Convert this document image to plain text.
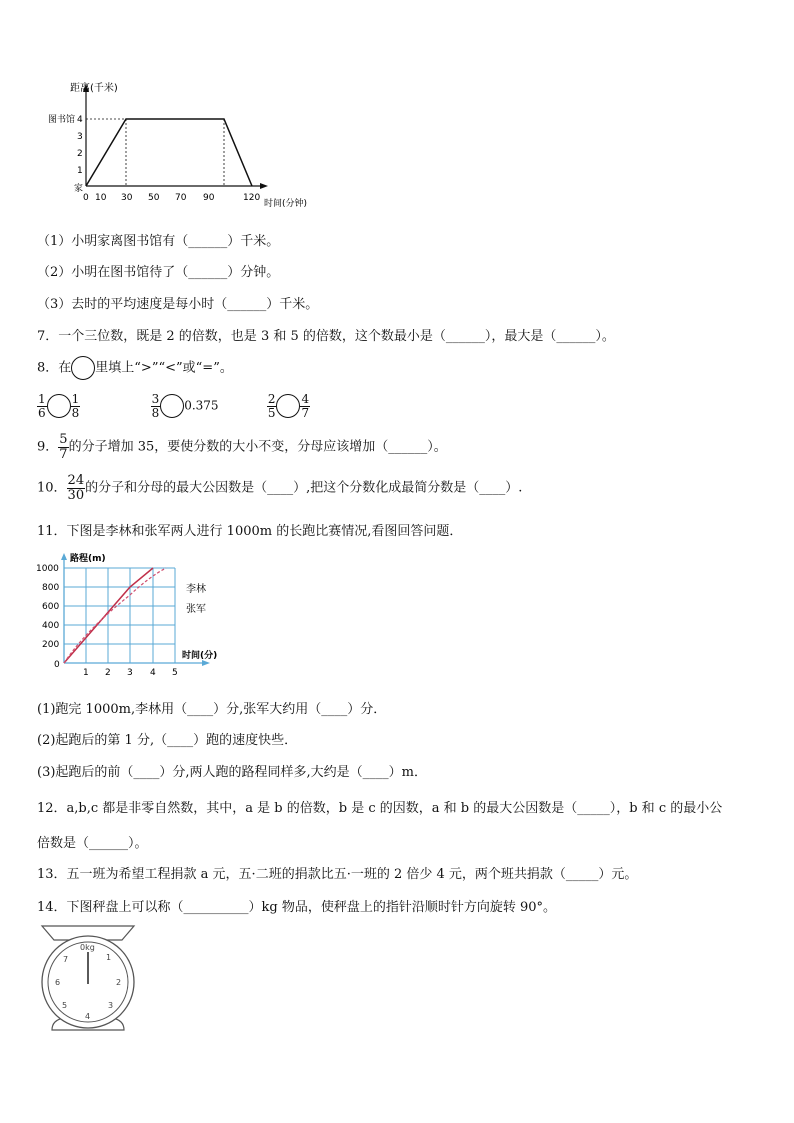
距离(千米)
时间(分钟)
图书馆
家
4
3
2
1
0 10 30 50 70 90	120
（1）小明家离图书馆有（______）千米。
（2）小明在图书馆待了（______）分钟。
（3）去时的平均速度是每小时（______）千米。
7．一个三位数，既是 2 的倍数，也是 3 和 5 的倍数，这个数最小是（______），最大是（______）。
8．在 里填上“>”“<”或“=”。
$\frac{1}{6} \frac{1}{8}$
	$\frac{3}{8} 0.375$	$\frac{2}{5} \frac{4}{7}$
9． $\frac{5}{7}$ 的分子增加 35，要使分数的大小不变，分母应该增加（______）。
10． $\frac{24}{30}$ 的分子和分母的最大公因数是（____）,把这个分数化成最简分数是（____）.
11．下图是李林和张军两人进行 1000m 的长跑比赛情况,看图回答问题．
路程(m)
时间(分)
1000
800
600
400
200
0
1 2 3 4 5
李林
张军
(1)跑完 1000m,李林用（____）分,张军大约用（____）分．
(2)起跑后的第 1 分,（____）跑的速度快些．
(3)起跑后的前（____）分,两人跑的路程同样多,大约是（____）m．
12．a,b,c 都是非零自然数，其中，a 是 b 的倍数，b 是 c 的因数，a 和 b 的最大公因数是（_____），b 和 c 的最小公
倍数是（______）。
13．五一班为希望工程捐款 a 元，五·二班的捐款比五·一班的 2 倍少 4 元，两个班共捐款（_____）元。
14．下图秤盘上可以称（__________）kg 物品，使秤盘上的指针沿顺时针方向旋转 90°。
0kg
1
2
3
4
5
6
7
